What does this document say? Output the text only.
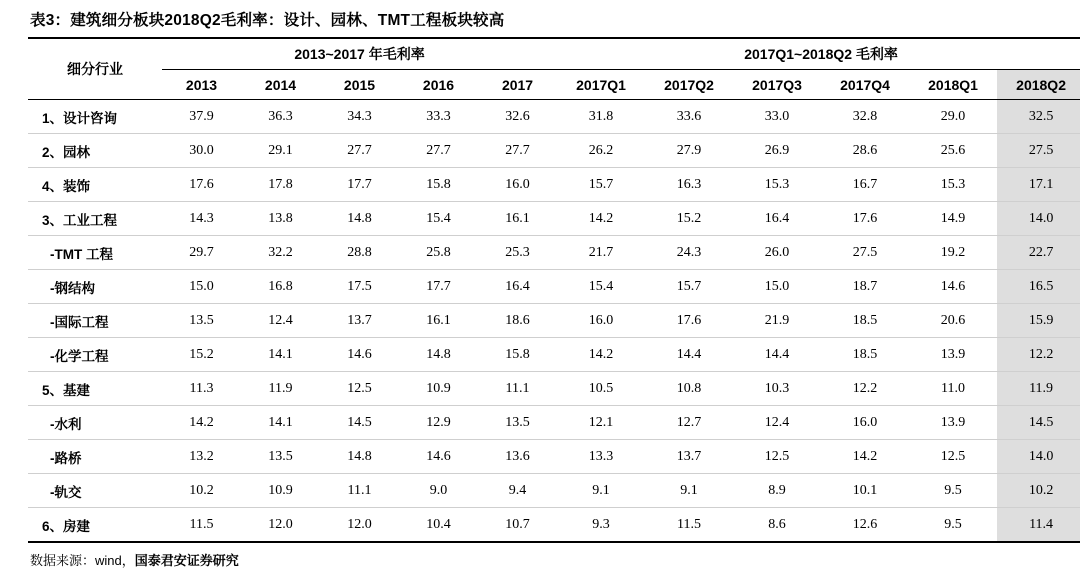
表3：建筑细分板块2018Q2毛利率：设计、园林、TMT工程板块较高
细分行业	2013~2017 年毛利率					2017Q1~2018Q2 毛利率					
	2013	2014	2015	2016	2017	2017Q1	2017Q2	2017Q3	2017Q4	2018Q1	2018Q2
1、设计咨询	37.9	36.3	34.3	33.3	32.6	31.8	33.6	33.0	32.8	29.0	32.5
2、园林	30.0	29.1	27.7	27.7	27.7	26.2	27.9	26.9	28.6	25.6	27.5
4、装饰	17.6	17.8	17.7	15.8	16.0	15.7	16.3	15.3	16.7	15.3	17.1
3、工业工程	14.3	13.8	14.8	15.4	16.1	14.2	15.2	16.4	17.6	14.9	14.0
-TMT 工程	29.7	32.2	28.8	25.8	25.3	21.7	24.3	26.0	27.5	19.2	22.7
-钢结构	15.0	16.8	17.5	17.7	16.4	15.4	15.7	15.0	18.7	14.6	16.5
-国际工程	13.5	12.4	13.7	16.1	18.6	16.0	17.6	21.9	18.5	20.6	15.9
-化学工程	15.2	14.1	14.6	14.8	15.8	14.2	14.4	14.4	18.5	13.9	12.2
5、基建	11.3	11.9	12.5	10.9	11.1	10.5	10.8	10.3	12.2	11.0	11.9
-水利	14.2	14.1	14.5	12.9	13.5	12.1	12.7	12.4	16.0	13.9	14.5
-路桥	13.2	13.5	14.8	14.6	13.6	13.3	13.7	12.5	14.2	12.5	14.0
-轨交	10.2	10.9	11.1	9.0	9.4	9.1	9.1	8.9	10.1	9.5	10.2
6、房建	11.5	12.0	12.0	10.4	10.7	9.3	11.5	8.6	12.6	9.5	11.4
数据来源：wind，国泰君安证券研究
